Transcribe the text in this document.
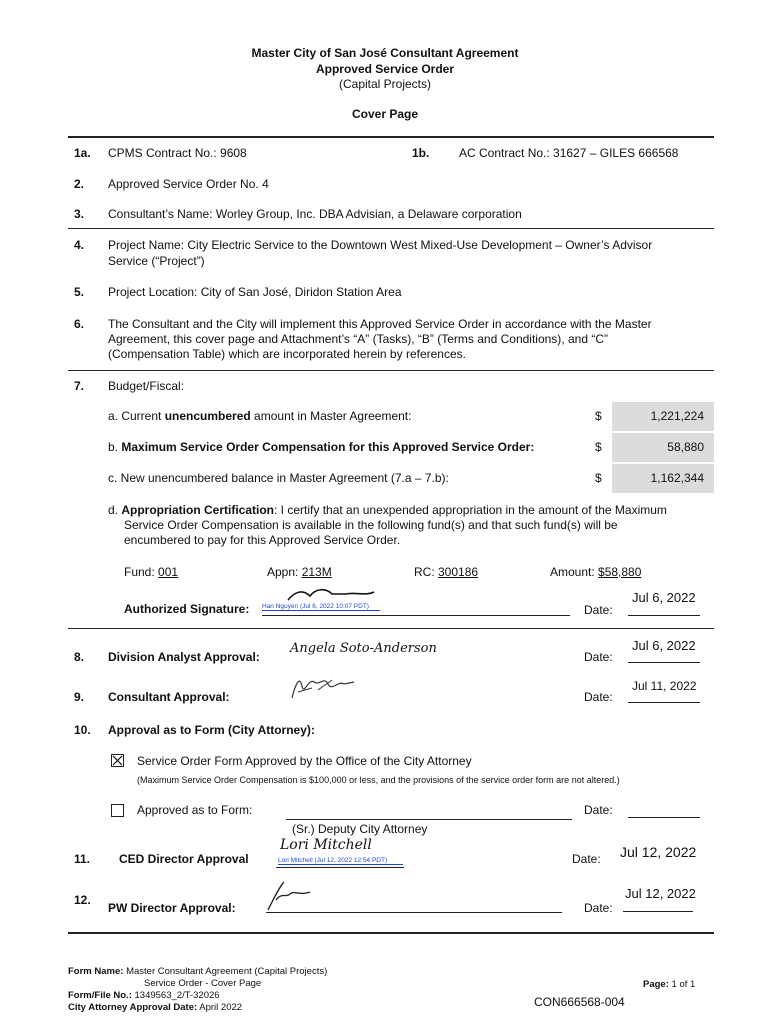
Master City of San José Consultant Agreement
Approved Service Order
(Capital Projects)
Cover Page
1a. CPMS Contract No.: 9608	1b. AC Contract No.: 31627 – GILES 666568
2. Approved Service Order No. 4
3. Consultant’s Name: Worley Group, Inc. DBA Advisian, a Delaware corporation
4. Project Name: City Electric Service to the Downtown West Mixed-Use Development – Owner’s Advisor
Service (“Project”)
5. Project Location: City of San José, Diridon Station Area
6. The Consultant and the City will implement this Approved Service Order in accordance with the Master
Agreement, this cover page and Attachment’s “A” (Tasks), “B” (Terms and Conditions), and “C”
(Compensation Table) which are incorporated herein by references.
7. Budget/Fiscal:
a. Current unencumbered amount in Master Agreement:	$	1,221,224
b. Maximum Service Order Compensation for this Approved Service Order:	$	58,880
c. New unencumbered balance in Master Agreement (7.a – 7.b):	$	1,162,344
d. Appropriation Certification: I certify that an unexpended appropriation in the amount of the Maximum
Service Order Compensation is available in the following fund(s) and that such fund(s) will be
encumbered to pay for this Approved Service Order.
Fund: 001	Appn: 213M	RC: 300186	Amount: $58,880
Authorized Signature: Han Nguyen (Jul 6, 2022 10:07 PDT)	Date:
Jul 6, 2022
8. Division Analyst Approval:
Angela Soto-Anderson
Date:
Jul 6, 2022
9. Consultant Approval:	Date:
Jul 11, 2022
10. Approval as to Form (City Attorney):
Service Order Form Approved by the Office of the City Attorney
(Maximum Service Order Compensation is $100,000 or less, and the provisions of the service order form are not altered.)
Approved as to Form:	Date:
(Sr.) Deputy City Attorney
11. CED Director Approval
Lori Mitchell
Lori Mitchell (Jul 12, 2022 12:54 PDT)	Date: Jul 12, 2022
12.
PW Director Approval:	Date:
Jul 12, 2022
Form Name: Master Consultant Agreement (Capital Projects)
Service Order - Cover Page
Form/File No.: 1349563_2/T-32026
City Attorney Approval Date: April 2022	CON666568-004
Page: 1 of 1
